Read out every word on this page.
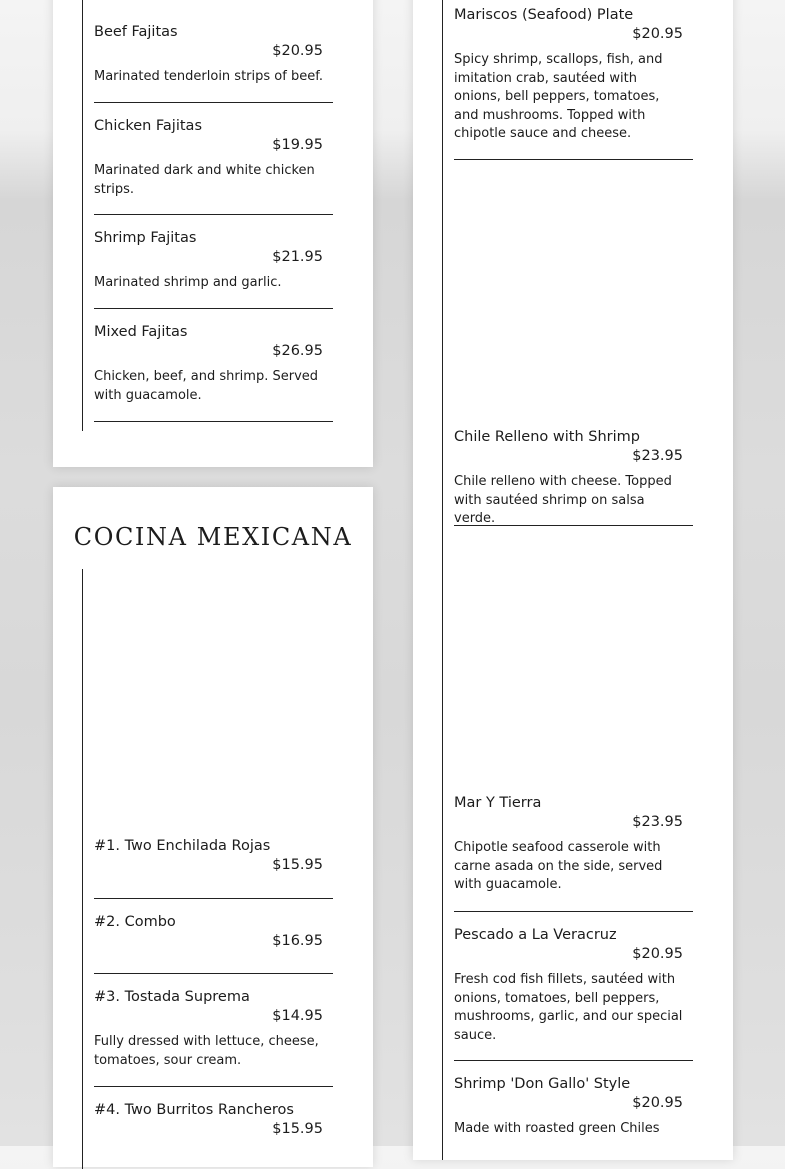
Beef Fajitas
$20.95
Marinated tenderloin strips of beef.
Chicken Fajitas
$19.95
Marinated dark and white chicken strips.
Shrimp Fajitas
$21.95
Marinated shrimp and garlic.
Mixed Fajitas
$26.95
Chicken, beef, and shrimp. Served with guacamole.
COCINA MEXICANA
#1. Two Enchilada Rojas
$15.95
#2. Combo
$16.95
#3. Tostada Suprema
$14.95
Fully dressed with lettuce, cheese, tomatoes, sour cream.
#4. Two Burritos Rancheros
$15.95
Mariscos (Seafood) Plate
$20.95
Spicy shrimp, scallops, fish, and imitation crab, sautéed with onions, bell peppers, tomatoes, and mushrooms. Topped with chipotle sauce and cheese.
Chile Relleno with Shrimp
$23.95
Chile relleno with cheese. Topped with sautéed shrimp on salsa verde.
Mar Y Tierra
$23.95
Chipotle seafood casserole with carne asada on the side, served with guacamole.
Pescado a La Veracruz
$20.95
Fresh cod fish fillets, sautéed with onions, tomatoes, bell peppers, mushrooms, garlic, and our special sauce.
Shrimp 'Don Gallo' Style
$20.95
Made with roasted green Chiles
